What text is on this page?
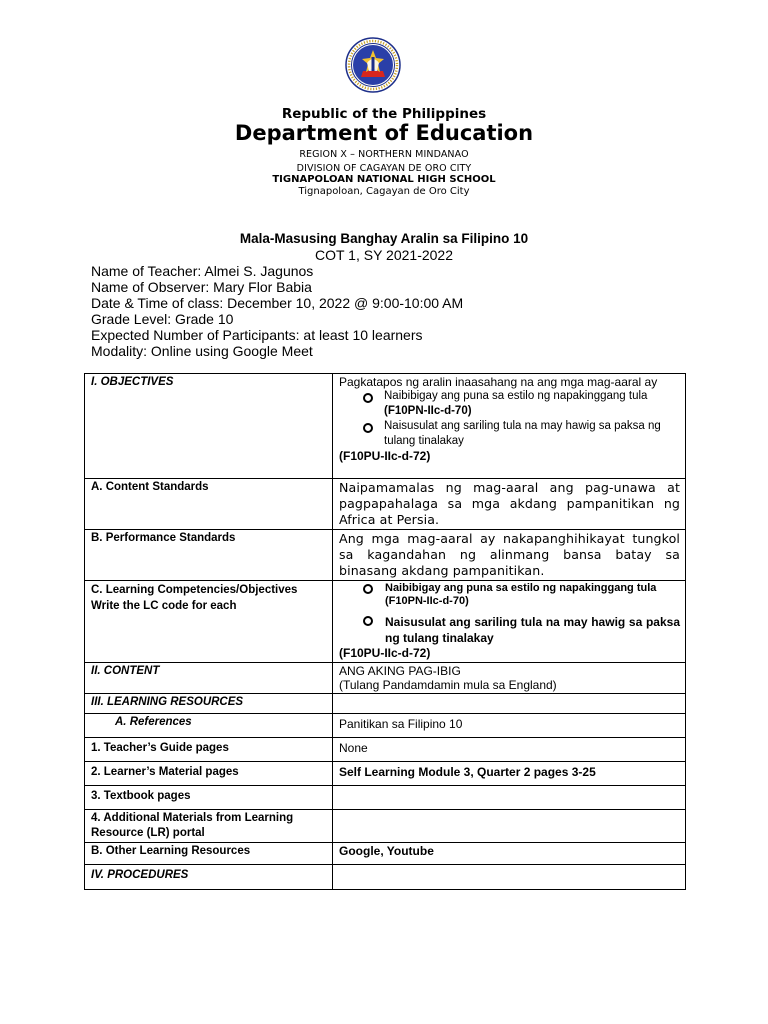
Republic of the Philippines
Department of Education
REGION X – NORTHERN MINDANAO
DIVISION OF CAGAYAN DE ORO CITY
TIGNAPOLOAN NATIONAL HIGH SCHOOL
Tignapoloan, Cagayan de Oro City
Mala-Masusing Banghay Aralin sa Filipino 10
COT 1, SY 2021-2022
Name of Teacher: Almei S. Jagunos
Name of Observer: Mary Flor Babia
Date & Time of class: December 10, 2022 @ 9:00-10:00 AM
Grade Level: Grade 10
Expected Number of Participants: at least 10 learners
Modality: Online using Google Meet
I. OBJECTIVES	Pagkatapos ng aralin inaasahang na ang mga mag-aaral ay
Naibibigay ang puna sa estilo ng napakinggang tula (F10PN-IIc-d-70)
Naisusulat ang sariling tula na may hawig sa paksa ng tulang tinalakay
(F10PU-IIc-d-72)

A. Content Standards	Naipamamalas ng mag-aaral ang pag-unawa at pagpapahalaga sa mga akdang pampanitikan ng Africa at Persia.

B. Performance Standards	Ang mga mag-aaral ay nakapanghihikayat tungkol sa kagandahan ng alinmang bansa batay sa binasang akdang pampanitikan.

C. Learning Competencies/Objectives Write the LC code for each	Naibibigay ang puna sa estilo ng napakinggang tula
(F10PN-IIc-d-70)
Naisusulat ang sariling tula na may hawig sa paksa ng tulang tinalakay
(F10PU-IIc-d-72)

II. CONTENT	ANG AKING PAG-IBIG
(Tulang Pandamdamin mula sa England)

III. LEARNING RESOURCES	

A. References	Panitikan sa Filipino 10

1. Teacher’s Guide pages	None

2. Learner’s Material pages	Self Learning Module 3, Quarter 2 pages 3-25

3. Textbook pages	

4. Additional Materials from Learning Resource (LR) portal	

B. Other Learning Resources	Google, Youtube

IV. PROCEDURES	
